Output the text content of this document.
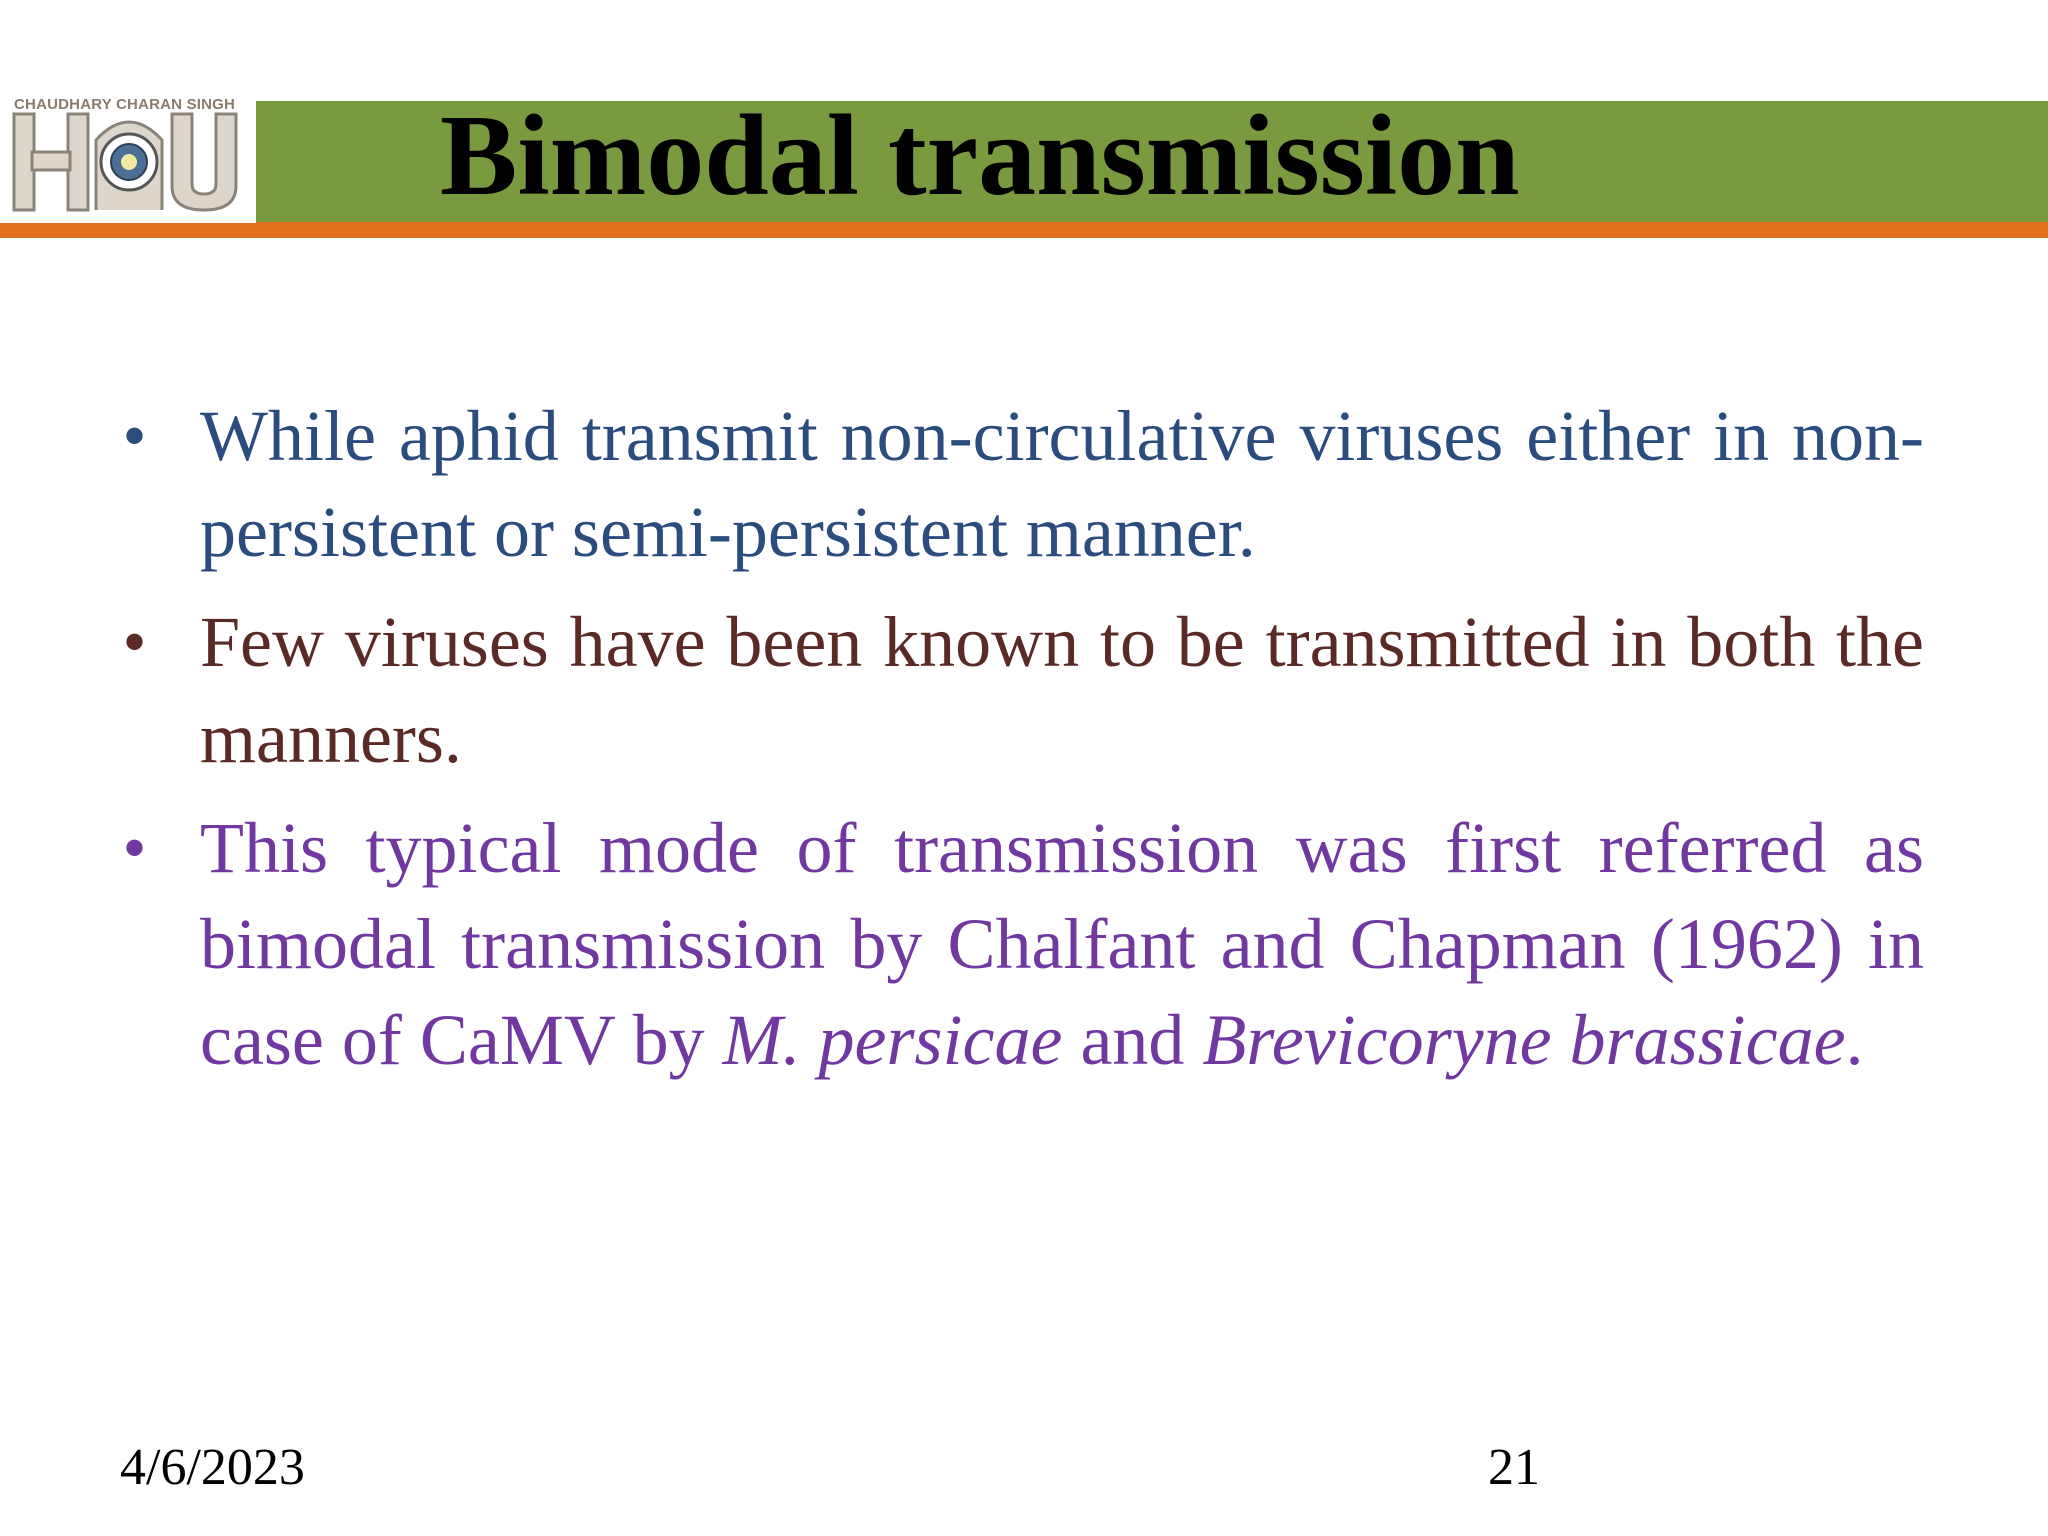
CHAUDHARY CHARAN SINGH Bimodal transmission
• While aphid transmit non-circulative viruses either in non-persistent or semi-persistent manner.
• Few viruses have been known to be transmitted in both the manners.
• This typical mode of transmission was first referred as bimodal transmission by Chalfant and Chapman (1962) in case of CaMV by M. persicae and Brevicoryne brassicae.
4/6/2023	21
